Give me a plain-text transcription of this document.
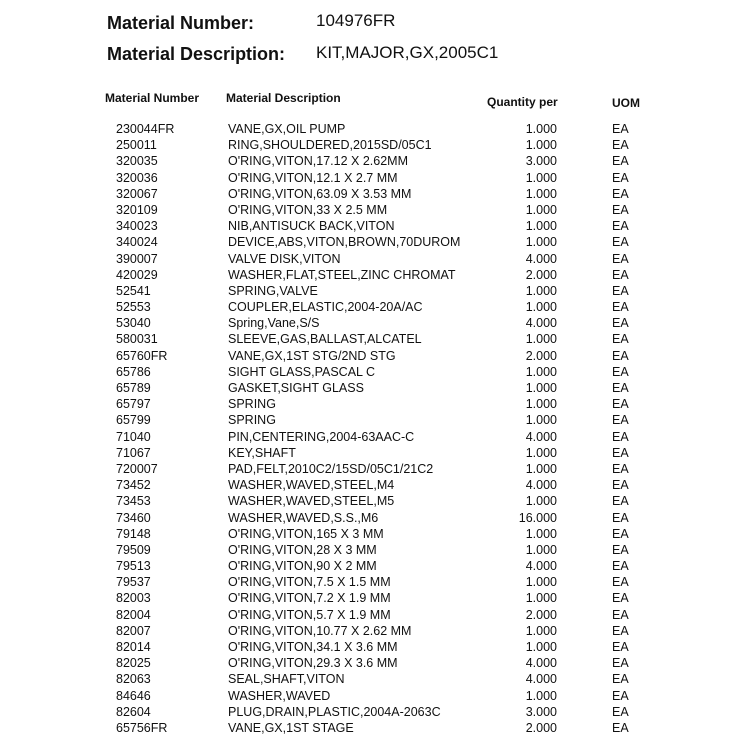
Material Number:	104976FR
Material Description: KIT,MAJOR,GX,2005C1
Material Number Material Description	Quantity per	UOM
230044FR	VANE,GX,OIL PUMP	1.000	EA
250011	RING,SHOULDERED,2015SD/05C1	1.000	EA
320035	O'RING,VITON,17.12 X 2.62MM	3.000	EA
320036	O'RING,VITON,12.1 X 2.7 MM	1.000	EA
320067	O'RING,VITON,63.09 X 3.53 MM	1.000	EA
320109	O'RING,VITON,33 X 2.5 MM	1.000	EA
340023	NIB,ANTISUCK BACK,VITON	1.000	EA
340024	DEVICE,ABS,VITON,BROWN,70DUROM	1.000	EA
390007	VALVE DISK,VITON	4.000	EA
420029	WASHER,FLAT,STEEL,ZINC CHROMAT	2.000	EA
52541	SPRING,VALVE	1.000	EA
52553	COUPLER,ELASTIC,2004-20A/AC	1.000	EA
53040	Spring,Vane,S/S	4.000	EA
580031	SLEEVE,GAS,BALLAST,ALCATEL	1.000	EA
65760FR	VANE,GX,1ST STG/2ND STG	2.000	EA
65786	SIGHT GLASS,PASCAL C	1.000	EA
65789	GASKET,SIGHT GLASS	1.000	EA
65797	SPRING	1.000	EA
65799	SPRING	1.000	EA
71040	PIN,CENTERING,2004-63AAC-C	4.000	EA
71067	KEY,SHAFT	1.000	EA
720007	PAD,FELT,2010C2/15SD/05C1/21C2	1.000	EA
73452	WASHER,WAVED,STEEL,M4	4.000	EA
73453	WASHER,WAVED,STEEL,M5	1.000	EA
73460	WASHER,WAVED,S.S.,M6	16.000	EA
79148	O'RING,VITON,165 X 3 MM	1.000	EA
79509	O'RING,VITON,28 X 3 MM	1.000	EA
79513	O'RING,VITON,90 X 2 MM	4.000	EA
79537	O'RING,VITON,7.5 X 1.5 MM	1.000	EA
82003	O'RING,VITON,7.2 X 1.9 MM	1.000	EA
82004	O'RING,VITON,5.7 X 1.9 MM	2.000	EA
82007	O'RING,VITON,10.77 X 2.62 MM	1.000	EA
82014	O'RING,VITON,34.1 X 3.6 MM	1.000	EA
82025	O'RING,VITON,29.3 X 3.6 MM	4.000	EA
82063	SEAL,SHAFT,VITON	4.000	EA
84646	WASHER,WAVED	1.000	EA
82604	PLUG,DRAIN,PLASTIC,2004A-2063C	3.000	EA
65756FR	VANE,GX,1ST STAGE	2.000	EA
